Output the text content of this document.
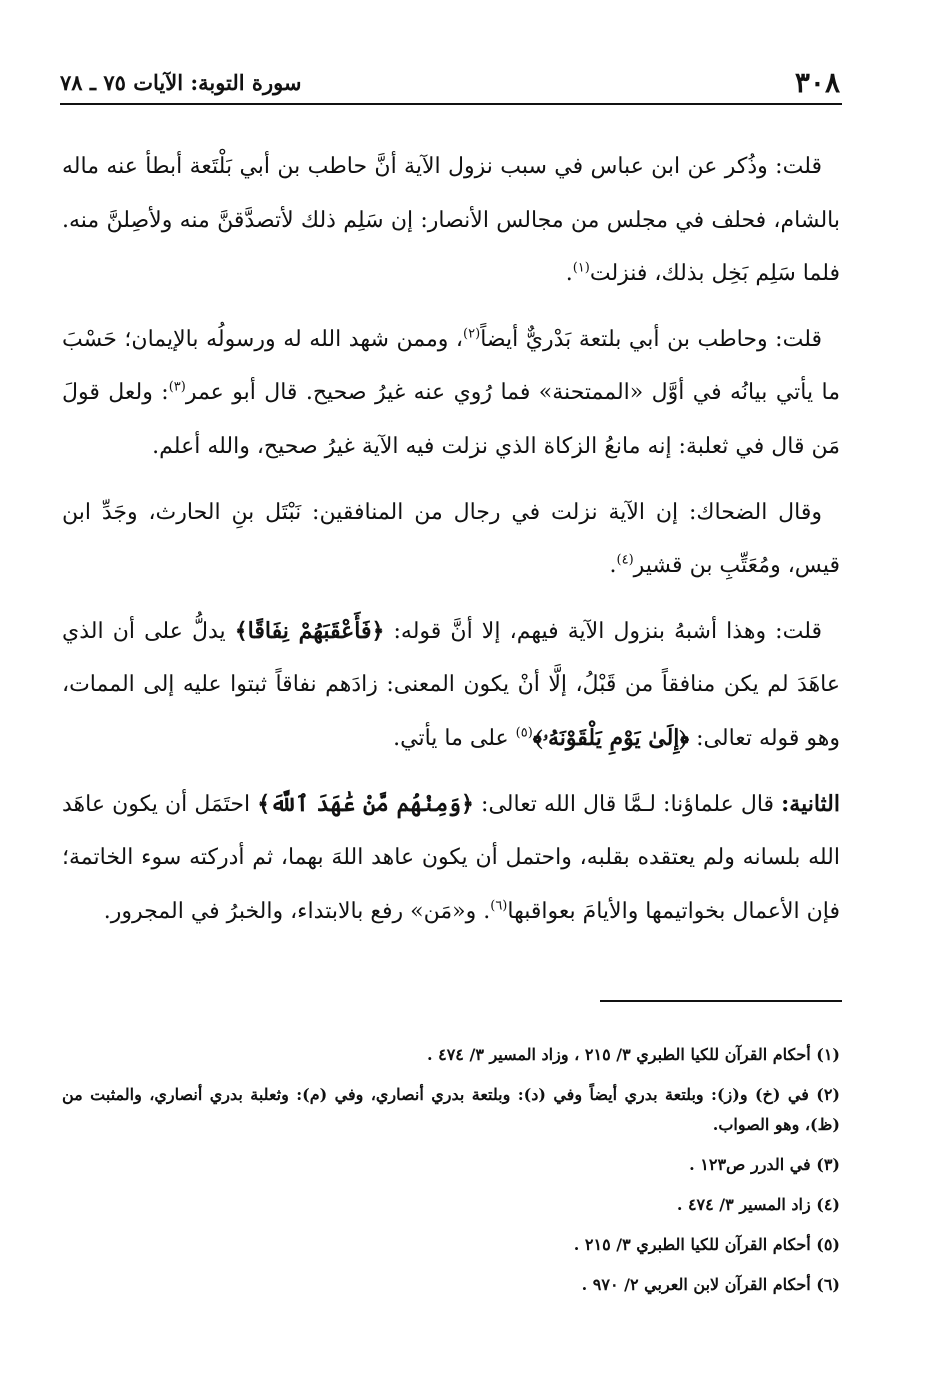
٣٠٨
سورة التوبة: الآيات ٧٥ ـ ٧٨

قلت: وذُكر عن ابن عباس في سبب نزول الآية أنَّ حاطب بن أبي بَلْتَعة أبطأ عنه ماله بالشام، فحلف في مجلس من مجالس الأنصار: إن سَلِم ذلك لأتصدَّقنَّ منه ولأصِلنَّ منه. فلما سَلِم بَخِل بذلك، فنزلت$^{(١)}$.

قلت: وحاطب بن أبي بلتعة بَدْريٌّ أيضاً$^{(٢)}$، وممن شهد الله له ورسولُه بالإيمان؛ حَسْبَ ما يأتي بيانُه في أوَّل «الممتحنة» فما رُوي عنه غيرُ صحيح. قال أبو عمر$^{(٣)}$: ولعل قولَ مَن قال في ثعلبة: إنه مانعُ الزكاة الذي نزلت فيه الآية غيرُ صحيح، والله أعلم.

وقال الضحاك: إن الآية نزلت في رجال من المنافقين: نَبْتَل بنِ الحارث، وجَدِّ ابن قيس، ومُعَتِّبِ بن قشير$^{(٤)}$.

قلت: وهذا أشبهُ بنزول الآية فيهم، إلا أنَّ قوله: ﴿فَأَعْقَبَهُمْ نِفَاقًا﴾ يدلُّ على أن الذي عاهَدَ لم يكن منافقاً من قَبْلُ، إلَّا أنْ يكون المعنى: زادَهم نفاقاً ثبتوا عليه إلى الممات، وهو قوله تعالى: ﴿إِلَىٰ يَوْمِ يَلْقَوْنَهُۥ﴾$^{(٥)}$ على ما يأتي.

الثانية: قال علماؤنا: لـمَّا قال الله تعالى: ﴿وَمِنْهُم مَّنْ عَٰهَدَ ٱللَّهَ﴾ احتَمَل أن يكون عاهَد الله بلسانه ولم يعتقده بقلبه، واحتمل أن يكون عاهد اللهَ بهما، ثم أدركته سوء الخاتمة؛ فإن الأعمال بخواتيمها والأيامَ بعواقبها$^{(٦)}$. و«مَن» رفع بالابتداء، والخبرُ في المجرور.

(١) أحكام القرآن للكيا الطبري ٣/ ٢١٥ ، وزاد المسير ٣/ ٤٧٤ .

(٢) في (خ) و(ز): وبلتعة بدري أيضاً وفي (د): وبلتعة بدري أنصاري، وفي (م): وثعلبة بدري أنصاري، والمثبت من (ظ)، وهو الصواب.

(٣) في الدرر ص١٢٣ .

(٤) زاد المسير ٣/ ٤٧٤ .

(٥) أحكام القرآن للكيا الطبري ٣/ ٢١٥ .

(٦) أحكام القرآن لابن العربي ٢/ ٩٧٠ .
